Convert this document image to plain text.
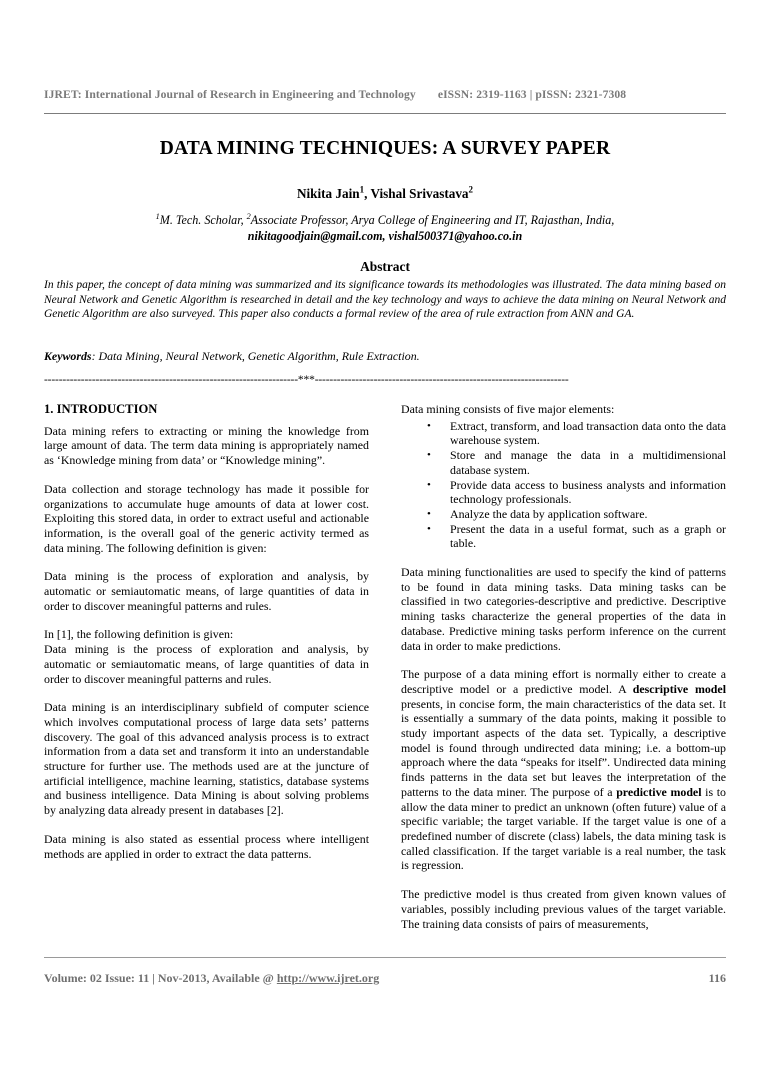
IJRET: International Journal of Research in Engineering and Technology eISSN: 2319-1163 | pISSN: 2321-7308
DATA MINING TECHNIQUES: A SURVEY PAPER
Nikita Jain$^1$, Vishal Srivastava$^2$
$^1$M. Tech. Scholar, $^2$Associate Professor, Arya College of Engineering and IT, Rajasthan, India,
nikitagoodjain@gmail.com, vishal500371@yahoo.co.in
Abstract
In this paper, the concept of data mining was summarized and its significance towards its methodologies was illustrated. The data mining based on Neural Network and Genetic Algorithm is researched in detail and the key technology and ways to achieve the data mining on Neural Network and Genetic Algorithm are also surveyed. This paper also conducts a formal review of the area of rule extraction from ANN and GA.
Keywords: Data Mining, Neural Network, Genetic Algorithm, Rule Extraction.
---------------------------------------------------------------------***---------------------------------------------------------------------
1. INTRODUCTION

Data mining refers to extracting or mining the knowledge from large amount of data. The term data mining is appropriately named as ‘Knowledge mining from data’ or “Knowledge mining”.

Data collection and storage technology has made it possible for organizations to accumulate huge amounts of data at lower cost. Exploiting this stored data, in order to extract useful and actionable information, is the overall goal of the generic activity termed as data mining. The following definition is given:

Data mining is the process of exploration and analysis, by automatic or semiautomatic means, of large quantities of data in order to discover meaningful patterns and rules.

In [1], the following definition is given:

Data mining is the process of exploration and analysis, by automatic or semiautomatic means, of large quantities of data in order to discover meaningful patterns and rules.

Data mining is an interdisciplinary subfield of computer science which involves computational process of large data sets’ patterns discovery. The goal of this advanced analysis process is to extract information from a data set and transform it into an understandable structure for further use. The methods used are at the juncture of artificial intelligence, machine learning, statistics, database systems and business intelligence. Data Mining is about solving problems by analyzing data already present in databases [2].

Data mining is also stated as essential process where intelligent methods are applied in order to extract the data patterns.

Data mining consists of five major elements:

• Extract, transform, and load transaction data onto the data warehouse system.
• Store and manage the data in a multidimensional database system.
• Provide data access to business analysts and information technology professionals.
• Analyze the data by application software.
• Present the data in a useful format, such as a graph or table.

Data mining functionalities are used to specify the kind of patterns to be found in data mining tasks. Data mining tasks can be classified in two categories-descriptive and predictive. Descriptive mining tasks characterize the general properties of the data in database. Predictive mining tasks perform inference on the current data in order to make predictions.

The purpose of a data mining effort is normally either to create a descriptive model or a predictive model. A descriptive model presents, in concise form, the main characteristics of the data set. It is essentially a summary of the data points, making it possible to study important aspects of the data set. Typically, a descriptive model is found through undirected data mining; i.e. a bottom-up approach where the data “speaks for itself”. Undirected data mining finds patterns in the data set but leaves the interpretation of the patterns to the data miner. The purpose of a predictive model is to allow the data miner to predict an unknown (often future) value of a specific variable; the target variable. If the target value is one of a predefined number of discrete (class) labels, the data mining task is called classification. If the target variable is a real number, the task is regression.

The predictive model is thus created from given known values of variables, possibly including previous values of the target variable. The training data consists of pairs of measurements,

Volume: 02 Issue: 11 | Nov-2013, Available @ http://www.ijret.org	116
